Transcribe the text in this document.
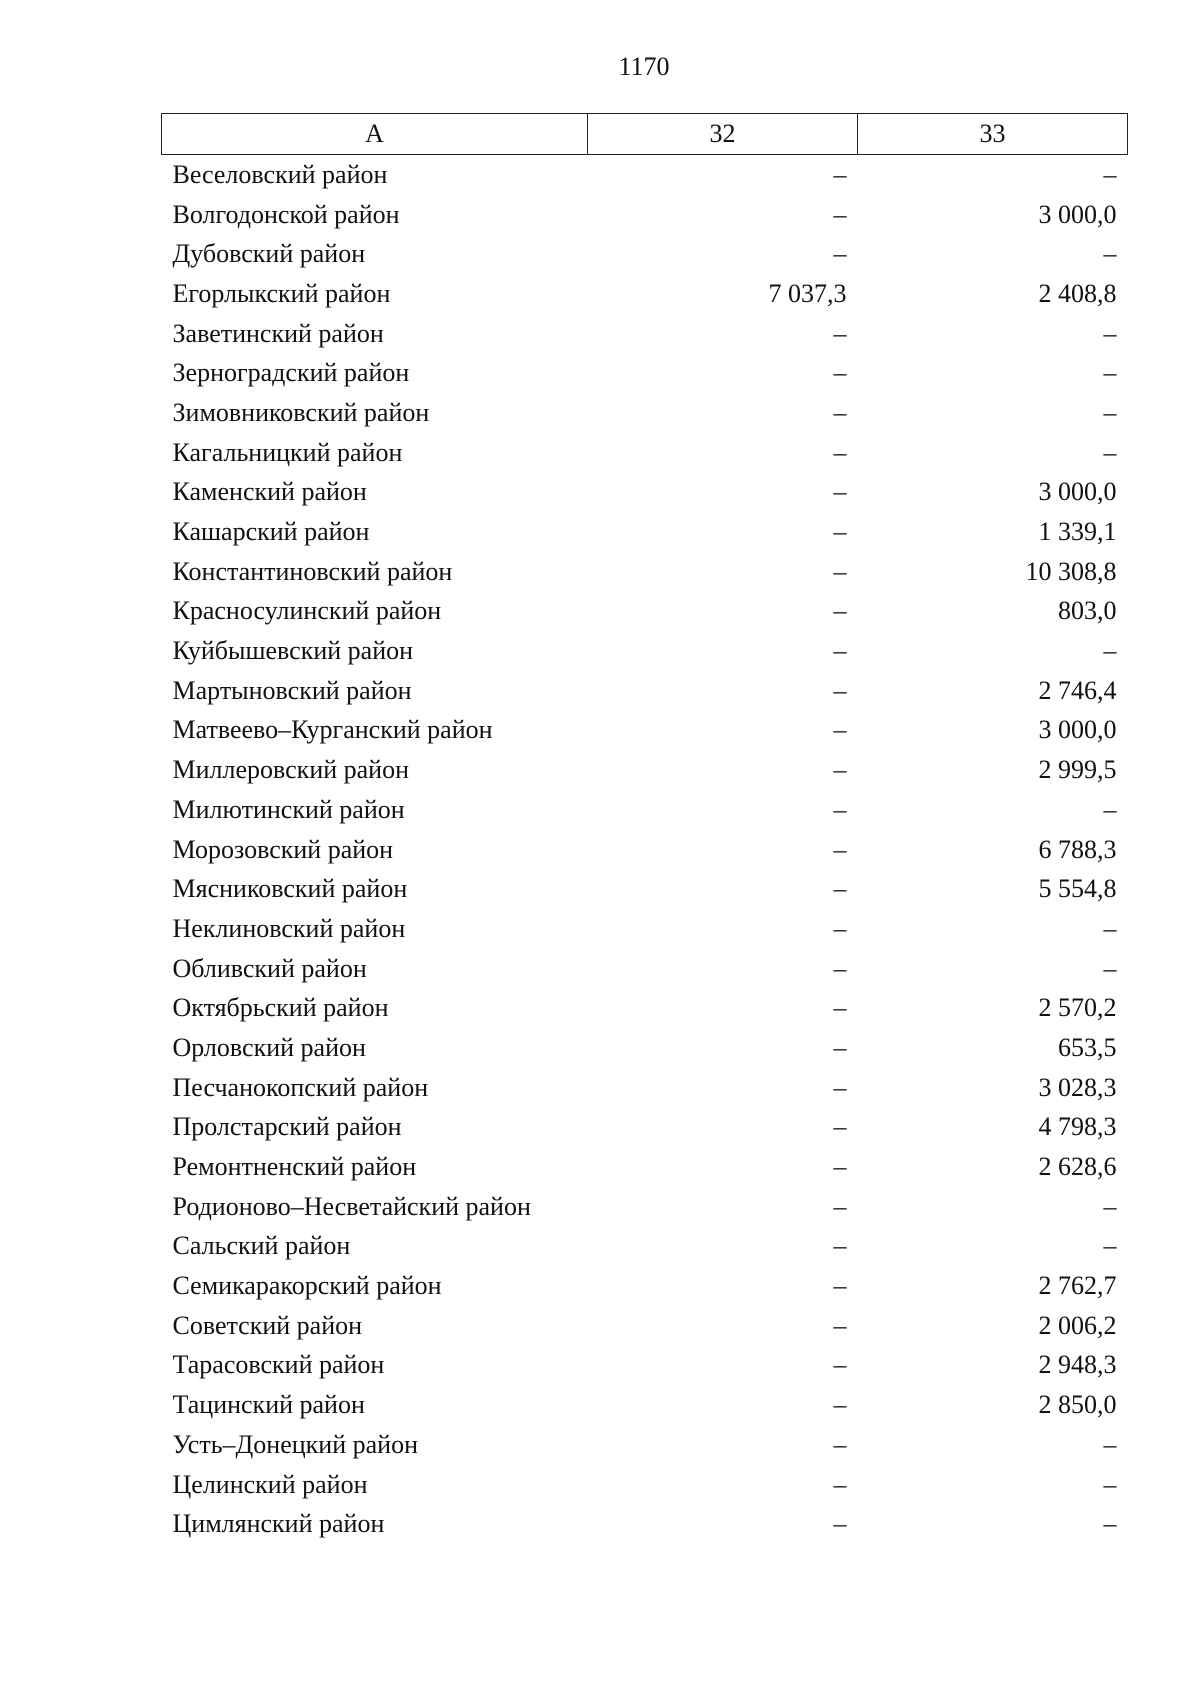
1170
А	32	33
Веселовский район	–	–
Волгодонской район	–	3 000,0
Дубовский район	–	–
Егорлыкский район	7 037,3	2 408,8
Заветинский район	–	–
Зерноградский район	–	–
Зимовниковский район	–	–
Кагальницкий район	–	–
Каменский район	–	3 000,0
Кашарский район	–	1 339,1
Константиновский район	–	10 308,8
Красносулинский район	–	803,0
Куйбышевский район	–	–
Мартыновский район	–	2 746,4
Матвеево–Курганский район	–	3 000,0
Миллеровский район	–	2 999,5
Милютинский район	–	–
Морозовский район	–	6 788,3
Мясниковский район	–	5 554,8
Неклиновский район	–	–
Обливский район	–	–
Октябрьский район	–	2 570,2
Орловский район	–	653,5
Песчанокопский район	–	3 028,3
Пролстарский район	–	4 798,3
Ремонтненский район	–	2 628,6
Родионово–Несветайский район	–	–
Сальский район	–	–
Семикаракорский район	–	2 762,7
Советский район	–	2 006,2
Тарасовский район	–	2 948,3
Тацинский район	–	2 850,0
Усть–Донецкий район	–	–
Целинский район	–	–
Цимлянский район	–	–
